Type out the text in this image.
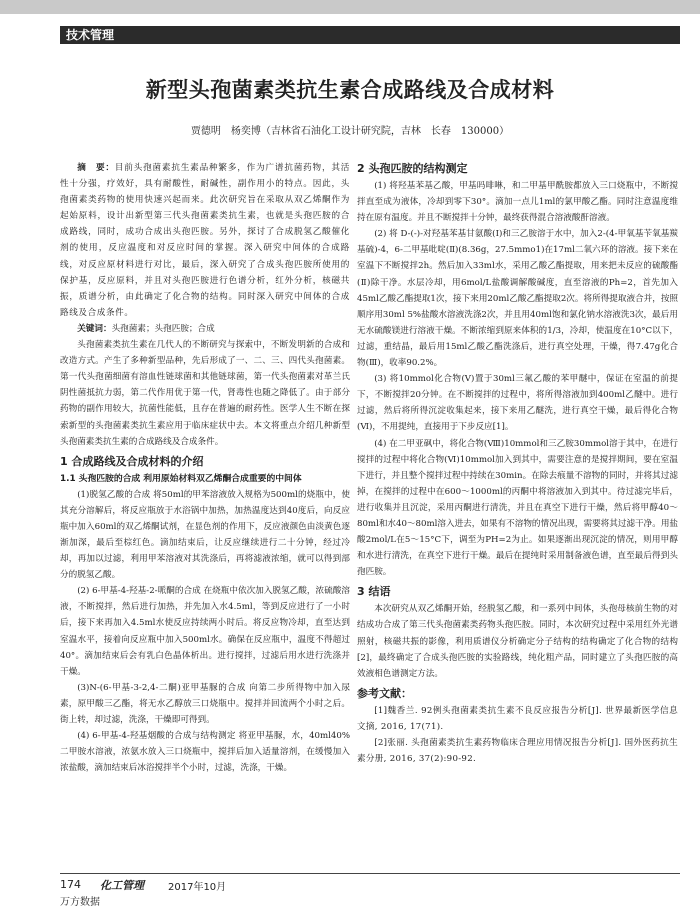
技术管理
新型头孢菌素类抗生素合成路线及合成材料
贾德明　杨奕博（吉林省石油化工设计研究院，吉林　长春　130000）

摘　要：目前头孢菌素抗生素品种繁多，作为广谱抗菌药物，其活性十分强，疗效好，具有耐酸性，耐碱性，副作用小的特点。因此，头孢菌素类药物的使用快速兴起而来。此次研究旨在采取从双乙烯酮作为起始原料，设计出新型第三代头孢菌素类抗生素，也就是头孢匹胺的合成路线，同时，成功合成出头孢匹胺。另外，探讨了合成脱氢乙酸催化剂的使用，反应温度和对反应时间的掌握。深入研究中间体的合成路线，对反应原材料进行对比，最后，深入研究了合成头孢匹胺所使用的保护基，反应原料，并且对头孢匹胺进行色谱分析，红外分析，核磁共振，质谱分析，由此确定了化合物的结构。同时深入研究中间体的合成路线及合成条件。

关键词：头孢菌素；头孢匹胺；合成

头孢菌素类抗生素在几代人的不断研究与探索中，不断发明新的合成和改造方式。产生了多种新型品种，先后形成了一、二、三、四代头孢菌素。第一代头孢菌细菌有溶血性链球菌和其他链球菌，第一代头孢菌素对革兰氏阴性菌抵抗力弱，第二代作用优于第一代，肾毒性也随之降低了。由于部分药物的副作用较大，抗菌性能低，且存在普遍的耐药性。医学人生不断在探索新型的头孢菌素类抗生素应用于临床症状中去。本文将重点介绍几种新型头孢菌素类抗生素的合成路线及合成条件。

1 合成路线及合成材料的介绍
1.1 头孢匹胺的合成 利用原始材料双乙烯酮合成重要的中间体

(1)脱氢乙酸的合成 将50ml的甲苯溶液放入规格为500ml的烧瓶中，使其充分溶解后，将反应瓶放于水浴锅中加热，加热温度达到40度后，向反应瓶中加入60ml的双乙烯酮试剂，在显色剂的作用下，反应液颜色由淡黄色逐渐加深，最后至棕红色。滴加结束后，让反应继续进行二十分钟，经过冷却，再加以过滤，利用甲苯溶液对其洗涤后，再将滤液浓缩，就可以得到部分的脱氢乙酸。

(2) 6-甲基-4-羟基-2-哌酮的合成 在烧瓶中依次加入脱氢乙酸，浓硫酸溶液，不断搅拌，然后进行加热，并先加入水4.5ml，等到反应进行了一小时后，接下来再加入4.5ml水使反应持续两小时后。将反应物冷却，直至达到室温水平，接着向反应瓶中加入500ml水。确保在反应瓶中，温度不得超过40°。滴加结束后会有乳白色晶体析出。进行搅拌，过滤后用水进行洗涤并干燥。

(3)N-(6-甲基-3-2,4-二酮)亚甲基脲的合成 向第二步所得物中加入尿素，原甲酸三乙酯，将无水乙醇放三口烧瓶中。搅拌并回流两个小时之后。街上转，却过滤，洗涤，干燥即可得到。

(4) 6-甲基-4-羟基烟酸的合成与结构测定 将亚甲基脲，水，40ml40%二甲胺水溶液，浓氨水放入三口烧瓶中，搅拌后加入适量溶剂，在缓慢加入浓盐酸，滴加结束后冰浴搅拌半个小时，过滤，洗涤，干燥。

2 头孢匹胺的结构测定

(1) 将羟基苯基乙酸，甲基吗啡啉，和二甲基甲酰胺都放入三口烧瓶中，不断搅拌直至成为液体，冷却到零下30°。滴加一点儿1ml的氯甲酸乙酯。同时注意温度维持在原有温度。并且不断搅拌十分钟，最终获得混合溶液酸酐溶液。

(2) 将 D-(-)-对羟基苯基甘氨酸(Ⅰ)和三乙胺溶于水中，加入2-(4-甲氧基苄氧基羰基硫)-4，6-二甲基吡啶(Ⅱ)(8.36g，27.5mmo1)在17ml二氧六环的溶液。接下来在室温下不断搅拌2h。然后加入33ml水，采用乙酸乙酯提取，用来把未反应的硫酸酯(Ⅱ)除干净。水层冷却，用6mol/L盐酸调解酸碱度，直至溶液的Ph=2，首先加入45ml乙酸乙酯提取1次，接下来用20ml乙酸乙酯提取2次。将所得提取液合并，按照顺序用30ml 5%盐酸水溶液洗涤2次，并且用40ml饱和氯化钠水溶液洗3次，最后用无水硫酸镁进行溶液干燥。不断浓缩到原来体积的1/3，冷却，使温度在10°C以下，过滤，重结晶，最后用15ml乙酸乙酯洗涤后，进行真空处理，干燥，得7.47g化合物(Ⅲ)，收率90.2%。

(3) 将10mmol化合物(V)置于30ml三氟乙酸的苯甲醚中，保证在室温的前提下，不断搅拌20分钟。在不断搅拌的过程中，将所得溶液加到400ml乙醚中。进行过滤，然后将所得沉淀收集起来，接下来用乙醚洗，进行真空干燥，最后得化合物(Ⅵ)，不用提纯，直接用于下步反应[1]。

(4) 在二甲亚砜中，将化合物(Ⅷ)10mmol和三乙胺30mmol溶于其中，在进行搅拌的过程中将化合物(Ⅵ)10mmol加入到其中，需要注意的是搅拌期间，要在室温下进行，并且整个搅拌过程中持续在30min。在除去痕量不溶物的同时，并将其过滤掉，在搅拌的过程中在600～1000ml的丙酮中将溶液加入到其中。待过滤完毕后，进行收集并且沉淀，采用丙酮进行清洗，并且在真空下进行干燥，然后将甲醇40～80ml和水40～80ml溶入进去，如果有不溶物的情况出现，需要将其过滤干净。用盐酸2mol/L在5～15°C下，调至为PH=2为止。如果逐渐出现沉淀的情况，则用甲醇和水进行清洗，在真空下进行干燥。最后在提纯时采用制备液色谱，直至最后得到头孢匹胺。

3 结语

本次研究从双乙烯酮开始，经脱氢乙酸，和一系列中间体，头孢母核前生物的对结成功合成了第三代头孢菌素类药物头孢匹胺。同时，本次研究过程中采用红外光谱照射，核磁共振的影像，利用质谱仪分析确定分子结构的结构确定了化合物的结构[2]，最终确定了合成头孢匹胺的实验路线，纯化粗产品，同时建立了头孢匹胺的高效液相色谱测定方法。

参考文献：

[1]魏香兰. 92例头孢菌素类抗生素不良反应报告分析[J]. 世界最新医学信息文摘, 2016, 17(71).

[2]张丽. 头孢菌素类抗生素药物临床合理应用情况报告分析[J]. 国外医药抗生素分册, 2016, 37(2):90-92.

174 化工管理 2017年10月
万方数据
